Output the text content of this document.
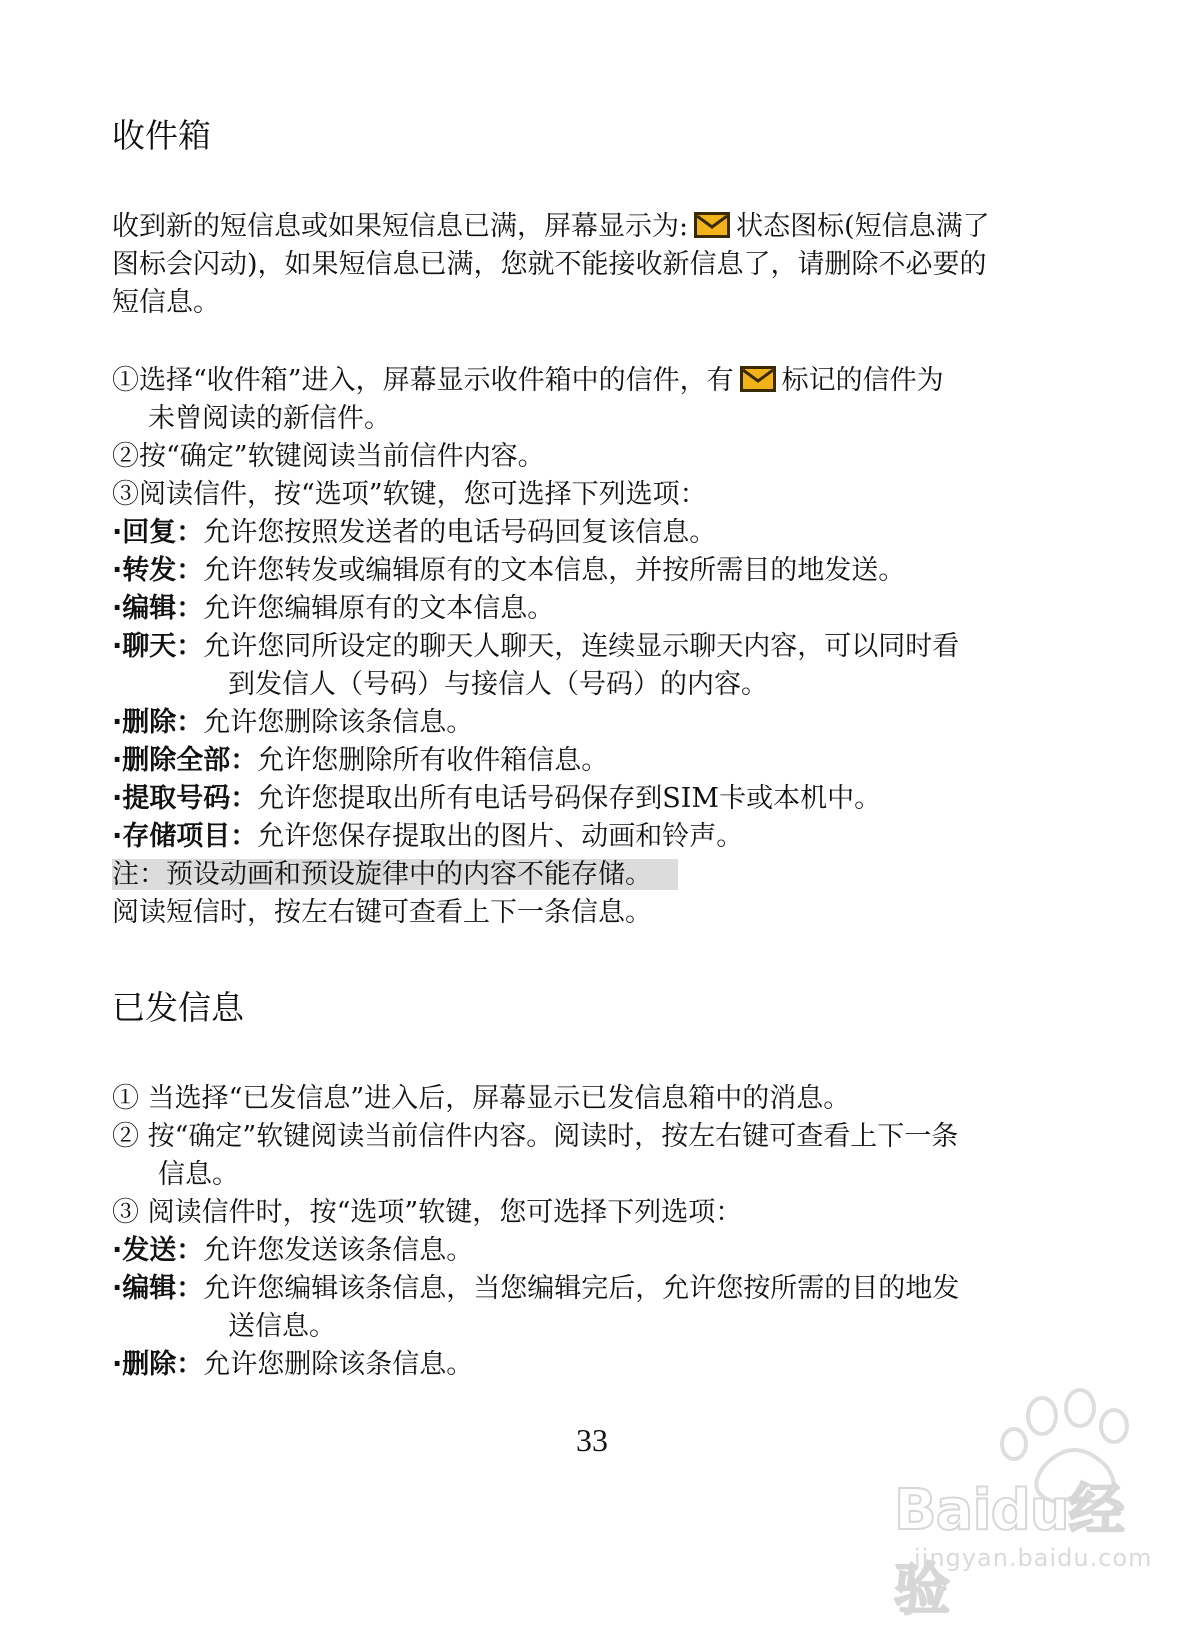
收件箱
收到新的短信息或如果短信息已满，屏幕显示为: 状态图标(短信息满了
图标会闪动)，如果短信息已满，您就不能接收新信息了，请删除不必要的
短信息。
①选择“收件箱”进入，屏幕显示收件箱中的信件，有 标记的信件为
未曾阅读的新信件。
②按“确定”软键阅读当前信件内容。
③阅读信件，按“选项”软键，您可选择下列选项：
·回复：允许您按照发送者的电话号码回复该信息。
·转发：允许您转发或编辑原有的文本信息，并按所需目的地发送。
·编辑：允许您编辑原有的文本信息。
·聊天：允许您同所设定的聊天人聊天，连续显示聊天内容，可以同时看
到发信人（号码）与接信人（号码）的内容。
·删除：允许您删除该条信息。
·删除全部：允许您删除所有收件箱信息。
·提取号码：允许您提取出所有电话号码保存到SIM卡或本机中。
·存储项目：允许您保存提取出的图片、动画和铃声。
注：预设动画和预设旋律中的内容不能存储。
阅读短信时，按左右键可查看上下一条信息。
已发信息
① 当选择“已发信息”进入后，屏幕显示已发信息箱中的消息。
② 按“确定”软键阅读当前信件内容。阅读时，按左右键可查看上下一条
信息。
③ 阅读信件时，按“选项”软键，您可选择下列选项：
·发送：允许您发送该条信息。
·编辑：允许您编辑该条信息，当您编辑完后，允许您按所需的目的地发
送信息。
·删除：允许您删除该条信息。
33
Baidu经验
jingyan.baidu.com
